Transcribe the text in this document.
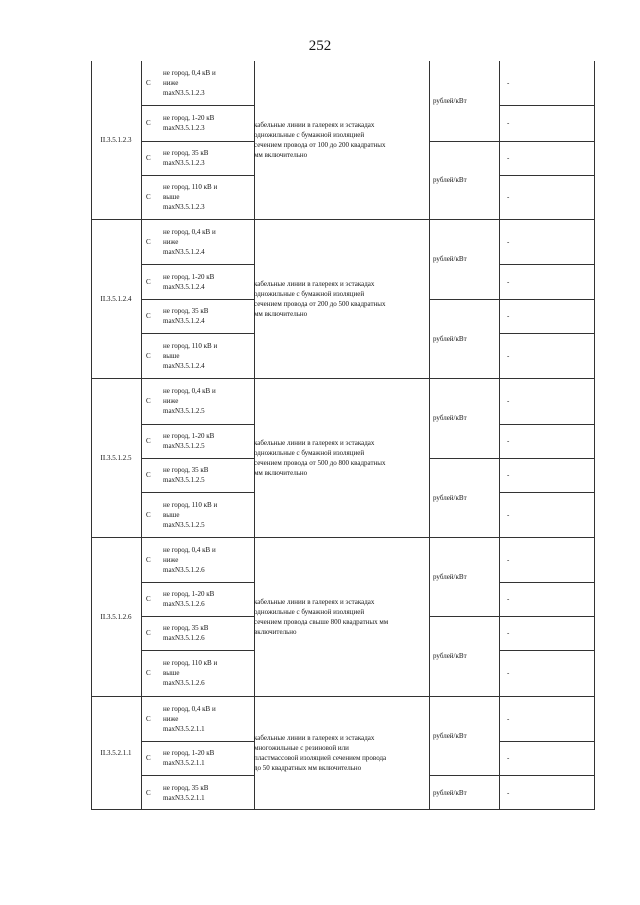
252
II.3.5.1.2.3
кабельные линии в галереях и эстакадах
одножильные с бумажной изоляцией
сечением провода от 100 до 200 квадратных
мм включительно
С
не город, 0,4 кВ и
ниже
maxN3.5.1.2.3
-
С
не город, 1-20 кВ
maxN3.5.1.2.3
-
С
не город, 35 кВ
maxN3.5.1.2.3
-
С
не город, 110 кВ и
выше
maxN3.5.1.2.3
-
рублей/кВт
рублей/кВт
II.3.5.1.2.4
кабельные линии в галереях и эстакадах
одножильные с бумажной изоляцией
сечением провода от 200 до 500 квадратных
мм включительно
С
не город, 0,4 кВ и
ниже
maxN3.5.1.2.4
-
С
не город, 1-20 кВ
maxN3.5.1.2.4
-
С
не город, 35 кВ
maxN3.5.1.2.4
-
С
не город, 110 кВ и
выше
maxN3.5.1.2.4
-
рублей/кВт
рублей/кВт
II.3.5.1.2.5
кабельные линии в галереях и эстакадах
одножильные с бумажной изоляцией
сечением провода от 500 до 800 квадратных
мм включительно
С
не город, 0,4 кВ и
ниже
maxN3.5.1.2.5
-
С
не город, 1-20 кВ
maxN3.5.1.2.5
-
С
не город, 35 кВ
maxN3.5.1.2.5
-
С
не город, 110 кВ и
выше
maxN3.5.1.2.5
-
рублей/кВт
рублей/кВт
II.3.5.1.2.6
кабельные линии в галереях и эстакадах
одножильные с бумажной изоляцией
сечением провода свыше 800 квадратных мм
включительно
С
не город, 0,4 кВ и
ниже
maxN3.5.1.2.6
-
С
не город, 1-20 кВ
maxN3.5.1.2.6
-
С
не город, 35 кВ
maxN3.5.1.2.6
-
С
не город, 110 кВ и
выше
maxN3.5.1.2.6
-
рублей/кВт
рублей/кВт
II.3.5.2.1.1
кабельные линии в галереях и эстакадах
многожильные с резиновой или
пластмассовой изоляцией сечением провода
до 50 квадратных мм включительно
С
не город, 0,4 кВ и
ниже
maxN3.5.2.1.1
-
С
не город, 1-20 кВ
maxN3.5.2.1.1
-
С
не город, 35 кВ
maxN3.5.2.1.1
-
рублей/кВт
рублей/кВт
